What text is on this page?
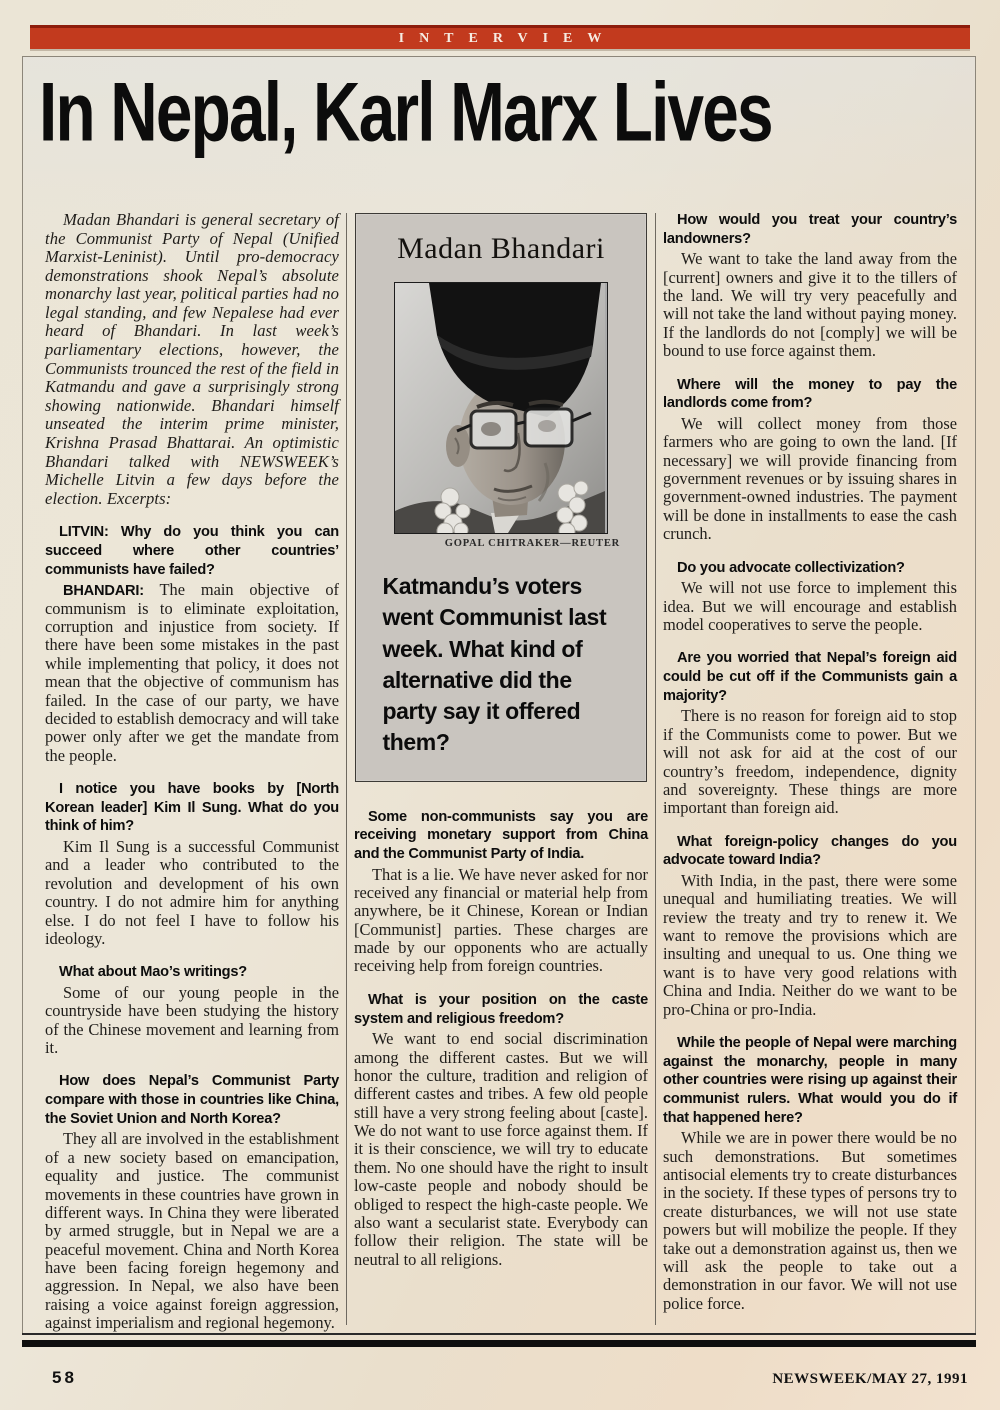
INTERVIEW
In Nepal, Karl Marx Lives

Madan Bhandari is general secretary of the Communist Party of Nepal (Unified Marxist-Leninist). Until pro-democracy demonstrations shook Nepal’s absolute monarchy last year, political parties had no legal standing, and few Nepalese had ever heard of Bhandari. In last week’s parliamentary elections, however, the Communists trounced the rest of the field in Katmandu and gave a surprisingly strong showing nationwide. Bhandari himself unseated the interim prime minister, Krishna Prasad Bhattarai. An optimistic Bhandari talked with NEWSWEEK’s Michelle Litvin a few days before the election. Excerpts:

LITVIN: Why do you think you can succeed where other countries’ communists have failed?

BHANDARI: The main objective of communism is to eliminate exploitation, corruption and injustice from society. If there have been some mistakes in the past while implementing that policy, it does not mean that the objective of communism has failed. In the case of our party, we have decided to establish democracy and will take power only after we get the mandate from the people.

I notice you have books by [North Korean leader] Kim Il Sung. What do you think of him?

Kim Il Sung is a successful Communist and a leader who contributed to the revolution and development of his own country. I do not admire him for anything else. I do not feel I have to follow his ideology.

What about Mao’s writings?

Some of our young people in the countryside have been studying the history of the Chinese movement and learning from it.

How does Nepal’s Communist Party compare with those in countries like China, the Soviet Union and North Korea?

They all are involved in the establishment of a new society based on emancipation, equality and justice. The communist movements in these countries have grown in different ways. In China they were liberated by armed struggle, but in Nepal we are a peaceful movement. China and North Korea have been facing foreign hegemony and aggression. In Nepal, we also have been raising a voice against foreign aggression, against imperialism and regional hegemony.

Madan Bhandari
GOPAL CHITRAKER—REUTER
Katmandu’s voters went Communist last week. What kind of alternative did the party say it offered them?

Some non-communists say you are receiving monetary support from China and the Communist Party of India.

That is a lie. We have never asked for nor received any financial or material help from anywhere, be it Chinese, Korean or Indian [Communist] parties. These charges are made by our opponents who are actually receiving help from foreign countries.

What is your position on the caste system and religious freedom?

We want to end social discrimination among the different castes. But we will honor the culture, tradition and religion of different castes and tribes. A few old people still have a very strong feeling about [caste]. We do not want to use force against them. If it is their conscience, we will try to educate them. No one should have the right to insult low-caste people and nobody should be obliged to respect the high-caste people. We also want a secularist state. Everybody can follow their religion. The state will be neutral to all religions.

How would you treat your country’s landowners?

We want to take the land away from the [current] owners and give it to the tillers of the land. We will try very peacefully and will not take the land without paying money. If the landlords do not [comply] we will be bound to use force against them.

Where will the money to pay the landlords come from?

We will collect money from those farmers who are going to own the land. [If necessary] we will provide financing from government revenues or by issuing shares in government-owned industries. The payment will be done in installments to ease the cash crunch.

Do you advocate collectivization?

We will not use force to implement this idea. But we will encourage and establish model cooperatives to serve the people.

Are you worried that Nepal’s foreign aid could be cut off if the Communists gain a majority?

There is no reason for foreign aid to stop if the Communists come to power. But we will not ask for aid at the cost of our country’s freedom, independence, dignity and sovereignty. These things are more important than foreign aid.

What foreign-policy changes do you advocate toward India?

With India, in the past, there were some unequal and humiliating treaties. We will review the treaty and try to renew it. We want to remove the provisions which are insulting and unequal to us. One thing we want is to have very good relations with China and India. Neither do we want to be pro-China or pro-India.

While the people of Nepal were marching against the monarchy, people in many other countries were rising up against their communist rulers. What would you do if that happened here?

While we are in power there would be no such demonstrations. But sometimes antisocial elements try to create disturbances in the society. If these types of persons try to create disturbances, we will not use state powers but will mobilize the people. If they take out a demonstration against us, then we will ask the people to take out a demonstration in our favor. We will not use police force.

58	NEWSWEEK/MAY 27, 1991
